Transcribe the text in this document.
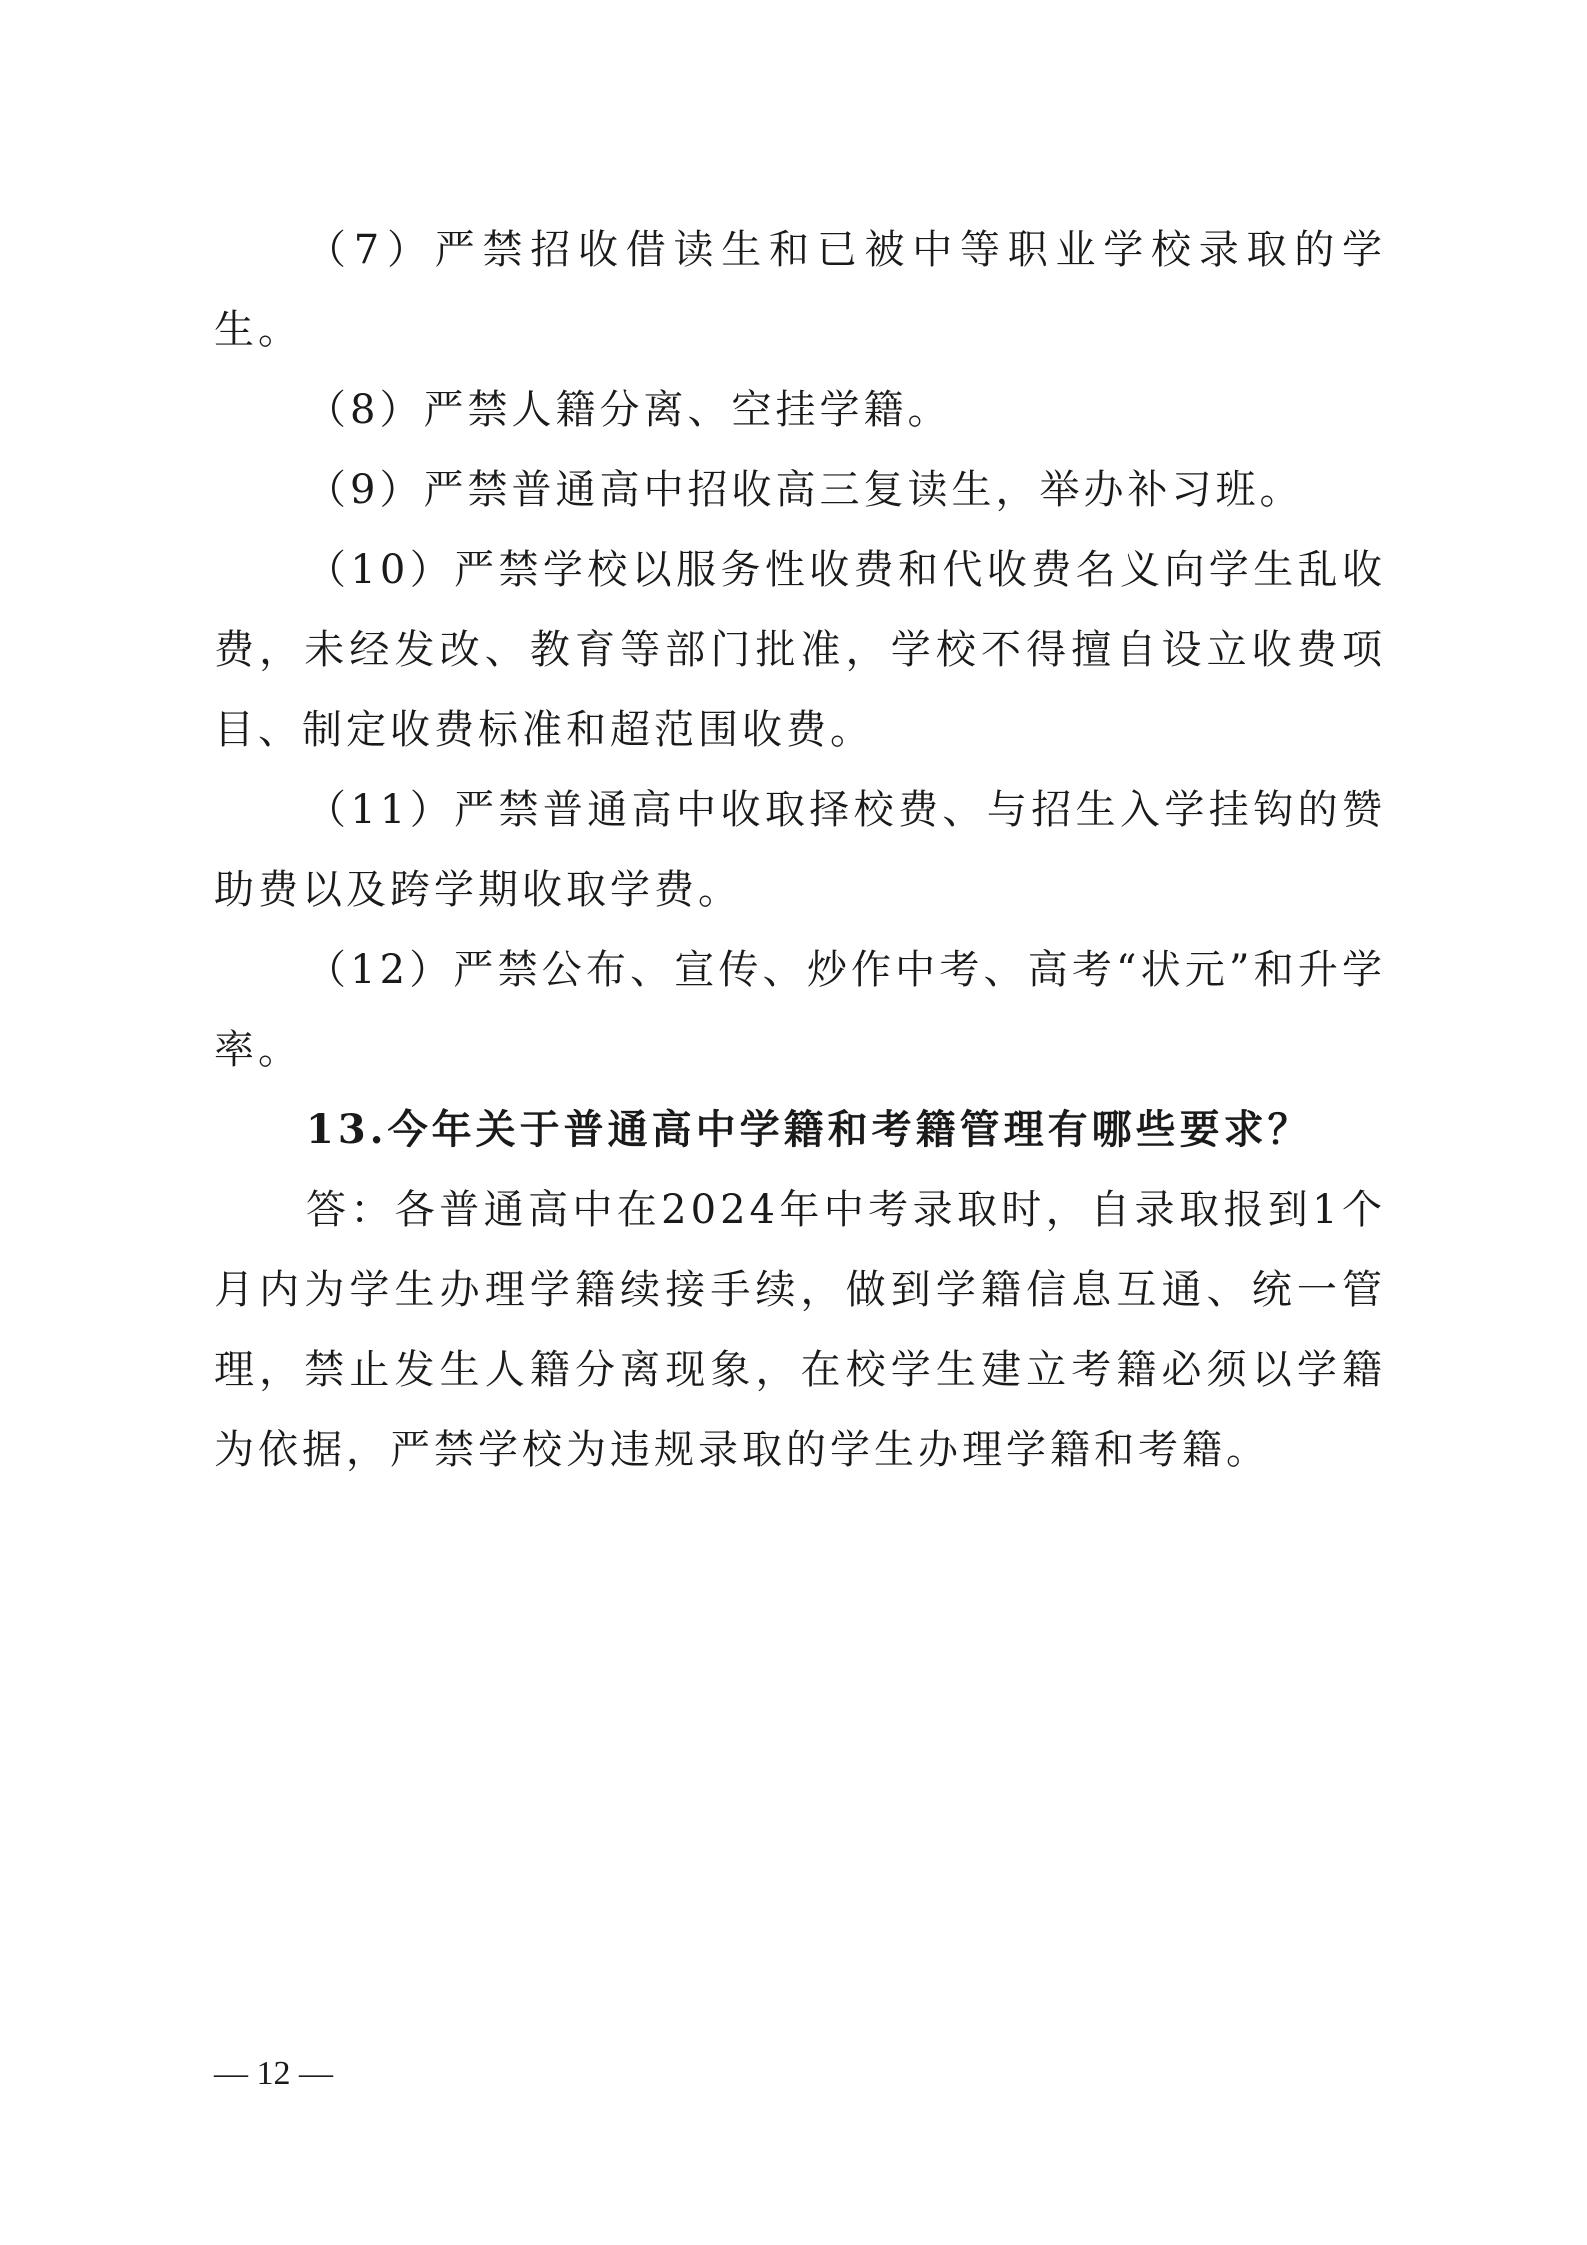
（7）严禁招收借读生和已被中等职业学校录取的学生。

（8）严禁人籍分离、空挂学籍。

（9）严禁普通高中招收高三复读生，举办补习班。

（10）严禁学校以服务性收费和代收费名义向学生乱收费，未经发改、教育等部门批准，学校不得擅自设立收费项目、制定收费标准和超范围收费。

（11）严禁普通高中收取择校费、与招生入学挂钩的赞助费以及跨学期收取学费。

（12）严禁公布、宣传、炒作中考、高考“状元”和升学率。

13.今年关于普通高中学籍和考籍管理有哪些要求？

答：各普通高中在2024年中考录取时，自录取报到1个月内为学生办理学籍续接手续，做到学籍信息互通、统一管理，禁止发生人籍分离现象，在校学生建立考籍必须以学籍为依据，严禁学校为违规录取的学生办理学籍和考籍。

— 12 —
